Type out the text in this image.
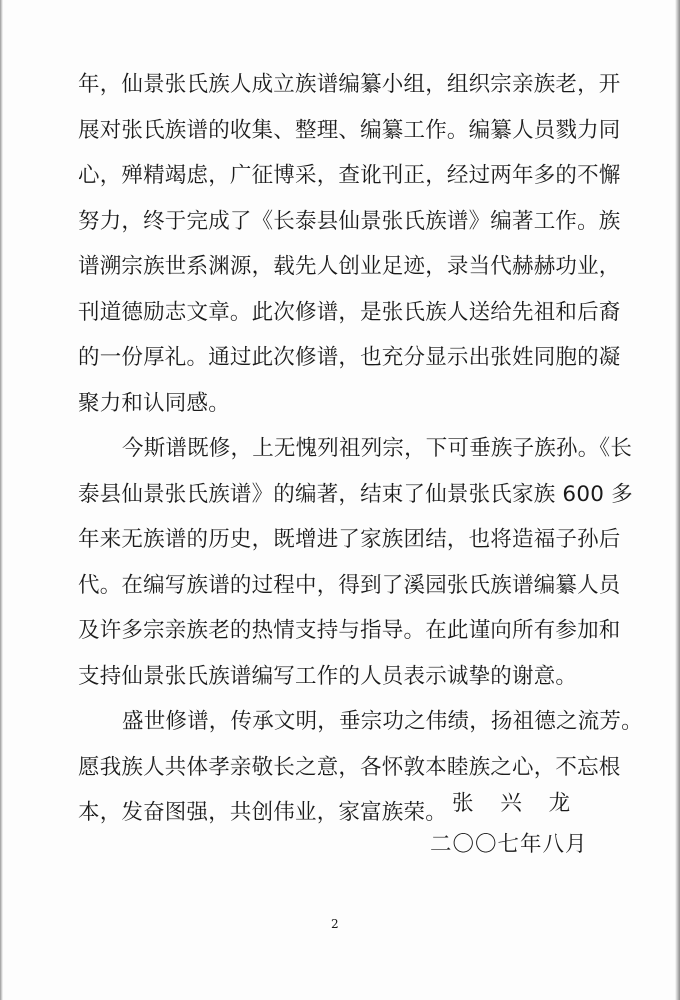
年，仙景张氏族人成立族谱编纂小组，组织宗亲族老，开
展对张氏族谱的收集、整理、编纂工作。编纂人员戮力同
心，殚精竭虑，广征博采，查讹刊正，经过两年多的不懈
努力，终于完成了《长泰县仙景张氏族谱》编著工作。族
谱溯宗族世系渊源，载先人创业足迹，录当代赫赫功业，
刊道德励志文章。此次修谱，是张氏族人送给先祖和后裔
的一份厚礼。通过此次修谱，也充分显示出张姓同胞的凝
聚力和认同感。
今斯谱既修，上无愧列祖列宗，下可垂族子族孙。《长
泰县仙景张氏族谱》的编著，结束了仙景张氏家族 600 多
年来无族谱的历史，既增进了家族团结，也将造福子孙后
代。在编写族谱的过程中，得到了溪园张氏族谱编纂人员
及许多宗亲族老的热情支持与指导。在此谨向所有参加和
支持仙景张氏族谱编写工作的人员表示诚挚的谢意。
盛世修谱，传承文明，垂宗功之伟绩，扬祖德之流芳。
愿我族人共体孝亲敬长之意，各怀敦本睦族之心，不忘根
本，发奋图强，共创伟业，家富族荣。 张 兴 龙
二〇〇七年八月
2
